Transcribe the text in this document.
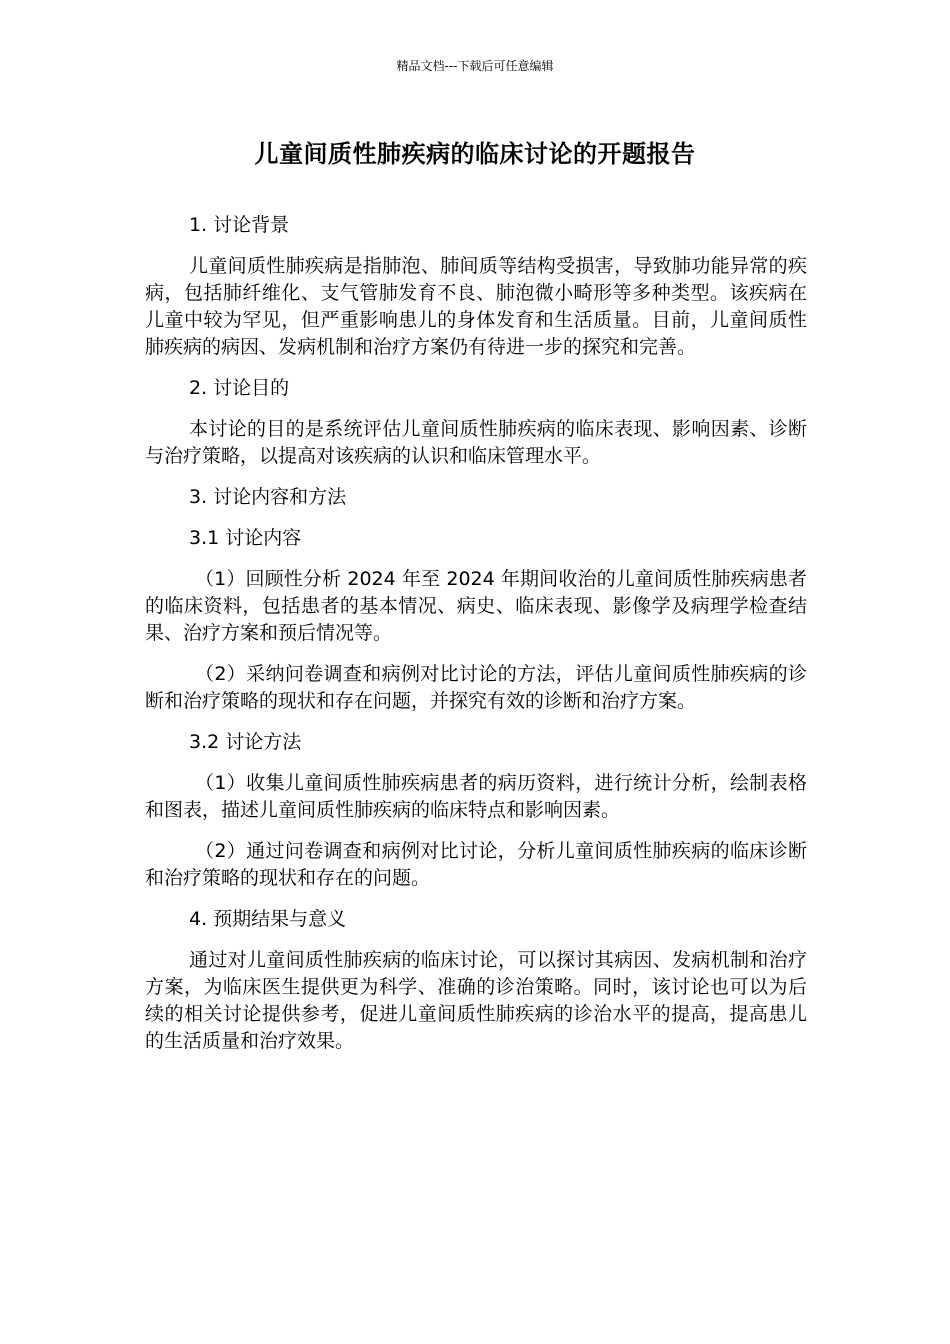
精品文档---下载后可任意编辑
儿童间质性肺疾病的临床讨论的开题报告
1. 讨论背景
儿童间质性肺疾病是指肺泡、肺间质等结构受损害，导致肺功能异常的疾病，包括肺纤维化、支气管肺发育不良、肺泡微小畸形等多种类型。该疾病在儿童中较为罕见，但严重影响患儿的身体发育和生活质量。目前，儿童间质性肺疾病的病因、发病机制和治疗方案仍有待进一步的探究和完善。
2. 讨论目的
本讨论的目的是系统评估儿童间质性肺疾病的临床表现、影响因素、诊断与治疗策略，以提高对该疾病的认识和临床管理水平。
3. 讨论内容和方法
3.1 讨论内容
（1）回顾性分析 2024 年至 2024 年期间收治的儿童间质性肺疾病患者的临床资料，包括患者的基本情况、病史、临床表现、影像学及病理学检查结果、治疗方案和预后情况等。
（2）采纳问卷调查和病例对比讨论的方法，评估儿童间质性肺疾病的诊断和治疗策略的现状和存在问题，并探究有效的诊断和治疗方案。
3.2 讨论方法
（1）收集儿童间质性肺疾病患者的病历资料，进行统计分析，绘制表格和图表，描述儿童间质性肺疾病的临床特点和影响因素。
（2）通过问卷调查和病例对比讨论，分析儿童间质性肺疾病的临床诊断和治疗策略的现状和存在的问题。
4. 预期结果与意义
通过对儿童间质性肺疾病的临床讨论，可以探讨其病因、发病机制和治疗方案，为临床医生提供更为科学、准确的诊治策略。同时，该讨论也可以为后续的相关讨论提供参考，促进儿童间质性肺疾病的诊治水平的提高，提高患儿的生活质量和治疗效果。
